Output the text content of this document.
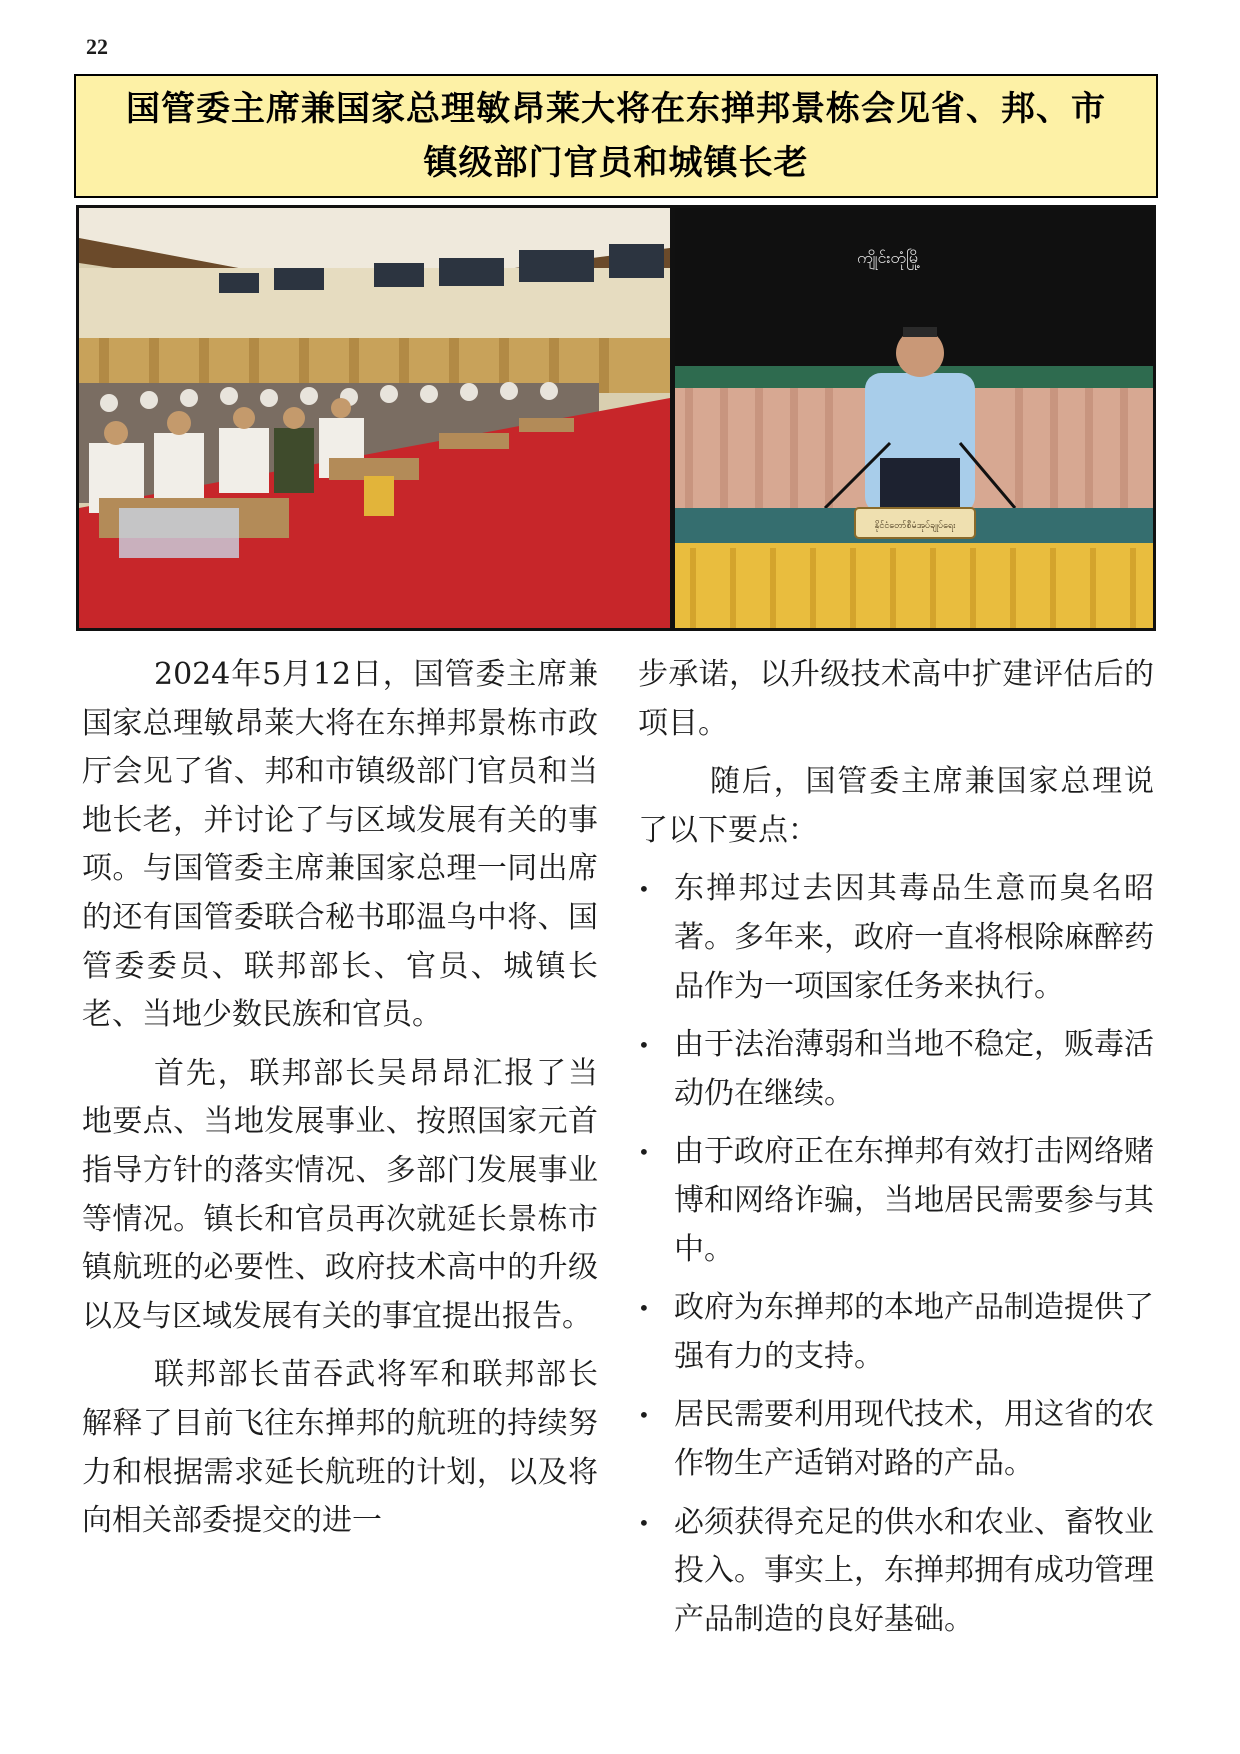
22
国管委主席兼国家总理敏昂莱大将在东掸邦景栋会见省、邦、市
镇级部门官员和城镇长老
နိုင်ငံတော်စီမံအုပ်ချုပ်ရေး
ကျိုင်းတုံမြို့

2024年5月12日，国管委主席兼国家总理敏昂莱大将在东掸邦景栋市政厅会见了省、邦和市镇级部门官员和当地长老，并讨论了与区域发展有关的事项。与国管委主席兼国家总理一同出席的还有国管委联合秘书耶温乌中将、国管委委员、联邦部长、官员、城镇长老、当地少数民族和官员。

首先，联邦部长吴昂昂汇报了当地要点、当地发展事业、按照国家元首指导方针的落实情况、多部门发展事业等情况。镇长和官员再次就延长景栋市镇航班的必要性、政府技术高中的升级以及与区域发展有关的事宜提出报告。

联邦部长苗吞武将军和联邦部长解释了目前飞往东掸邦的航班的持续努力和根据需求延长航班的计划，以及将向相关部委提交的进一

步承诺，以升级技术高中扩建评估后的项目。

随后，国管委主席兼国家总理说了以下要点：

• 东掸邦过去因其毒品生意而臭名昭著。多年来，政府一直将根除麻醉药品作为一项国家任务来执行。
• 由于法治薄弱和当地不稳定，贩毒活动仍在继续。
• 由于政府正在东掸邦有效打击网络赌博和网络诈骗，当地居民需要参与其中。
• 政府为东掸邦的本地产品制造提供了强有力的支持。
• 居民需要利用现代技术，用这省的农作物生产适销对路的产品。
• 必须获得充足的供水和农业、畜牧业投入。事实上，东掸邦拥有成功管理产品制造的良好基础。
